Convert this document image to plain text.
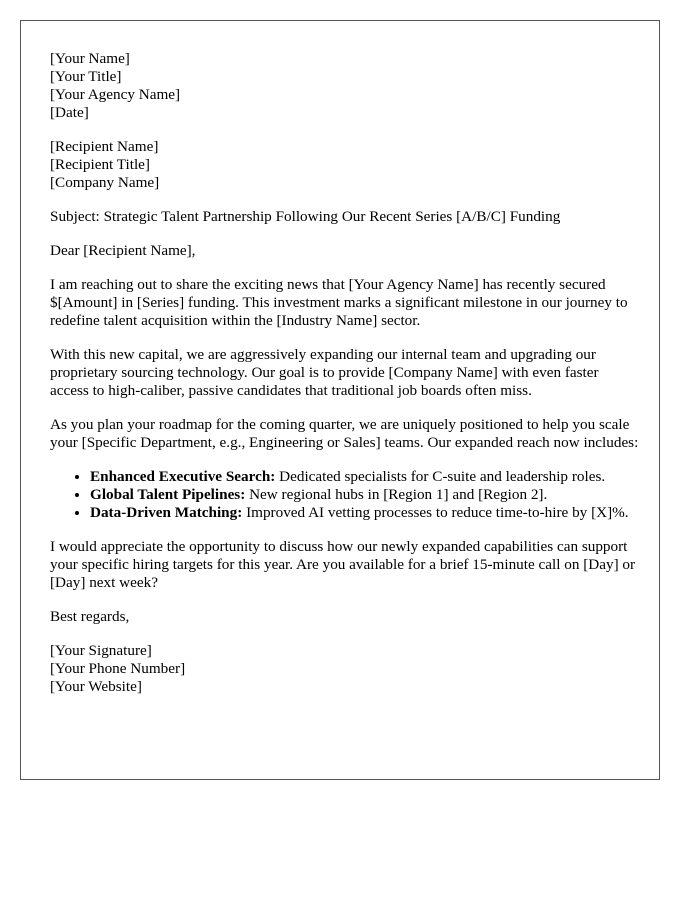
[Your Name]
[Your Title]
[Your Agency Name]
[Date]
[Recipient Name]
[Recipient Title]
[Company Name]

Subject: Strategic Talent Partnership Following Our Recent Series [A/B/C] Funding

Dear [Recipient Name],

I am reaching out to share the exciting news that [Your Agency Name] has recently secured $[Amount] in [Series] funding. This investment marks a significant milestone in our journey to redefine talent acquisition within the [Industry Name] sector.

With this new capital, we are aggressively expanding our internal team and upgrading our proprietary sourcing technology. Our goal is to provide [Company Name] with even faster access to high-caliber, passive candidates that traditional job boards often miss.

As you plan your roadmap for the coming quarter, we are uniquely positioned to help you scale your [Specific Department, e.g., Engineering or Sales] teams. Our expanded reach now includes:

• Enhanced Executive Search: Dedicated specialists for C-suite and leadership roles.
• Global Talent Pipelines: New regional hubs in [Region 1] and [Region 2].
• Data-Driven Matching: Improved AI vetting processes to reduce time-to-hire by [X]%.

I would appreciate the opportunity to discuss how our newly expanded capabilities can support your specific hiring targets for this year. Are you available for a brief 15-minute call on [Day] or [Day] next week?

Best regards,

[Your Signature]
[Your Phone Number]
[Your Website]
